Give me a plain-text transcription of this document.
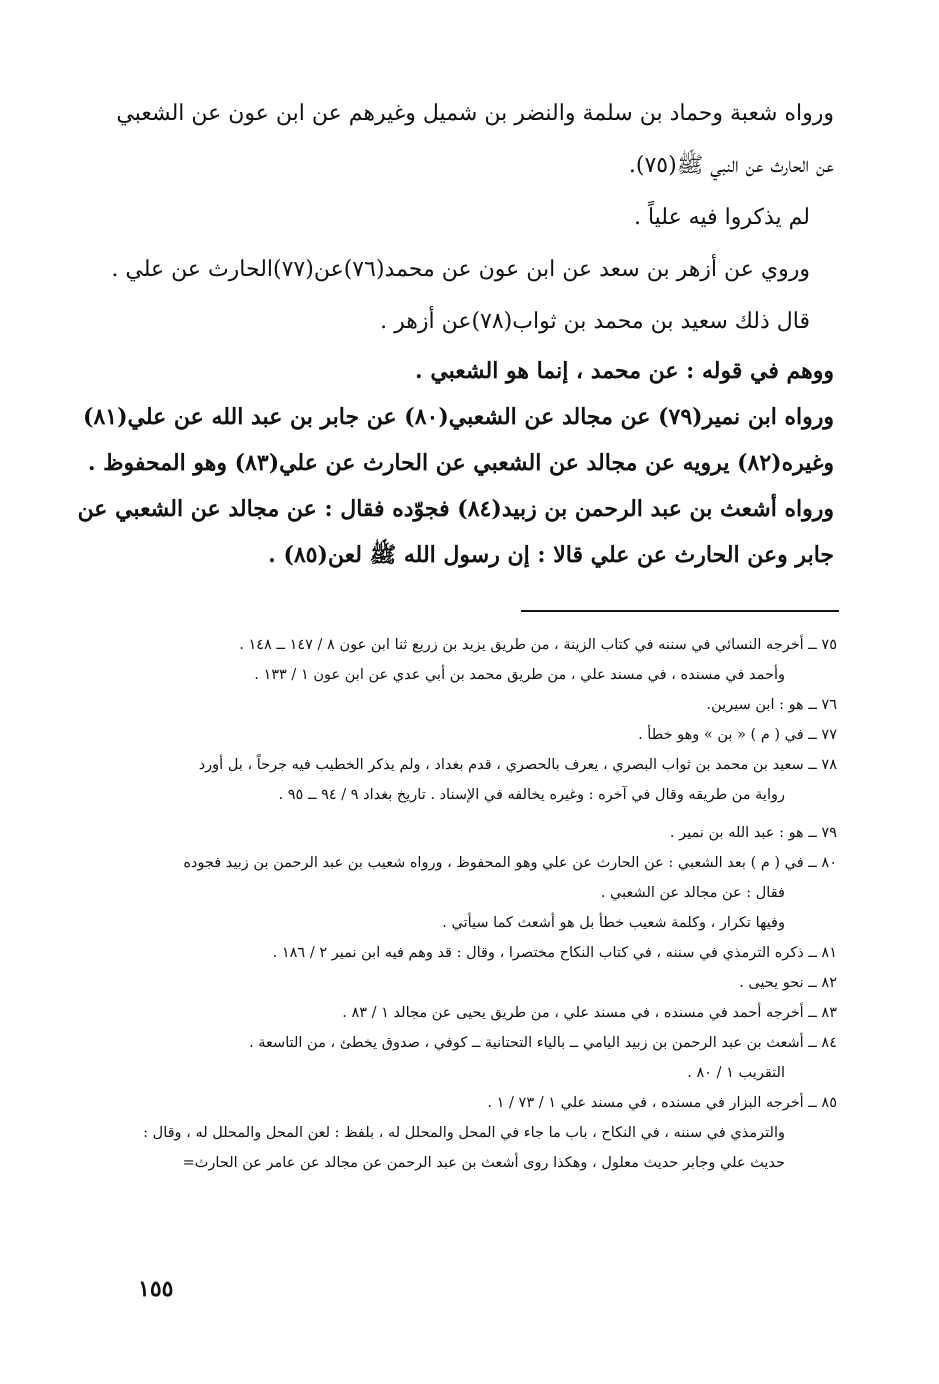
ورواه شعبة وحماد بن سلمة والنضر بن شميل وغيرهم عن ابن عون عن الشعبي

عن الحارث عن النبي ﷺ(٧٥).

لم يذكروا فيه علياً .

وروي عن أزهر بن سعد عن ابن عون عن محمد(٧٦)عن(٧٧)الحارث عن علي .

قال ذلك سعيد بن محمد بن ثواب(٧٨)عن أزهر .

ووهم في قوله : عن محمد ، إنما هو الشعبي .

ورواه ابن نمير(٧٩) عن مجالد عن الشعبي(٨٠) عن جابر بن عبد الله عن علي(٨١)

وغيره(٨٢) يرويه عن مجالد عن الشعبي عن الحارث عن علي(٨٣) وهو المحفوظ .

ورواه أشعث بن عبد الرحمن بن زبيد(٨٤) فجوّده فقال : عن مجالد عن الشعبي عن

جابر وعن الحارث عن علي قالا : إن رسول الله ﷺ لعن(٨٥) .

٧٥ ــ أخرجه النسائي في سننه في كتاب الزينة ، من طريق يزيد بن زريع ثنا ابن عون ٨ / ١٤٧ ــ ١٤٨ .
وأحمد في مسنده ، في مسند علي ، من طريق محمد بن أبي عدي عن ابن عون ١ / ١٣٣ .
٧٦ ــ هو : ابن سيرين.
٧٧ ــ في ( م ) « بن » وهو خطأ .
٧٨ ــ سعيد بن محمد بن ثواب البصري ، يعرف بالحصري ، قدم بغداد ، ولم يذكر الخطيب فيه جرحاً ، بل أورد
رواية من طريقه وقال في آخره : وغيره يخالفه في الإسناد . تاريخ بغداد ٩ / ٩٤ ــ ٩٥ .
٧٩ ــ هو : عبد الله بن نمير .
٨٠ ــ في ( م ) بعد الشعبي : عن الحارث عن علي وهو المحفوظ ، ورواه شعيب بن عبد الرحمن بن زبيد فجوده
فقال : عن مجالد عن الشعبي .
وفيها تكرار ، وكلمة شعيب خطأ بل هو أشعث كما سيأتي .
٨١ ــ ذكره الترمذي في سننه ، في كتاب النكاح مختصرا ، وقال : قد وهم فيه ابن نمير ٢ / ١٨٦ .
٨٢ ــ نحو يحيى .
٨٣ ــ أخرجه أحمد في مسنده ، في مسند علي ، من طريق يحيى عن مجالد ١ / ٨٣ .
٨٤ ــ أشعث بن عبد الرحمن بن زبيد اليامي ــ بالياء التحتانية ــ كوفي ، صدوق يخطئ ، من التاسعة .
التقريب ١ / ٨٠ .
٨٥ ــ أخرجه البزار في مسنده ، في مسند علي ١ / ٧٣ / ١ .
والترمذي في سننه ، في النكاح ، باب ما جاء في المحل والمحلل له ، بلفظ : لعن المحل والمحلل له ، وقال :
حديث علي وجابر حديث معلول ، وهكذا روى أشعث بن عبد الرحمن عن مجالد عن عامر عن الحارث=
١٥٥
